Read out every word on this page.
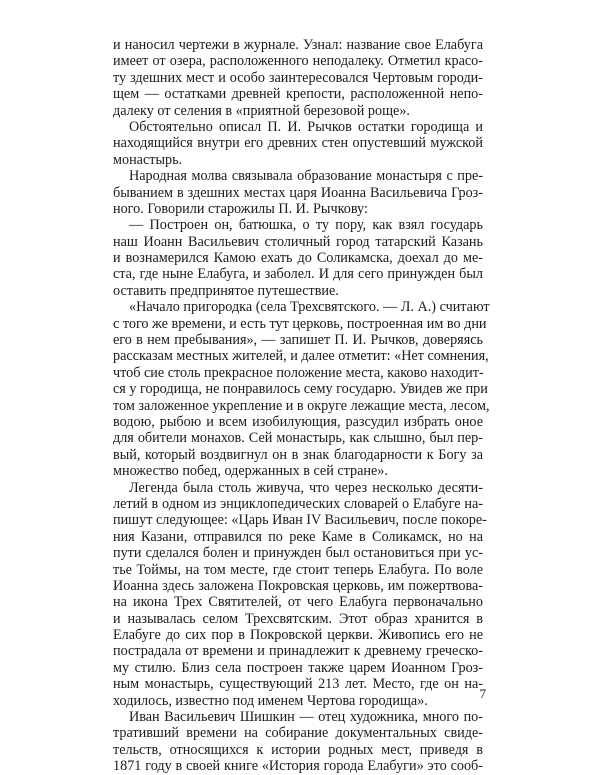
и наносил чертежи в журнале. Узнал: название свое Елабуга
имеет от озера, расположенного неподалеку. Отметил красо-
ту здешних мест и особо заинтересовался Чертовым городи-
щем — остатками древней крепости, расположенной непо-
далеку от селения в «приятной березовой роще».
Обстоятельно описал П. И. Рычков остатки городища и
находящийся внутри его древних стен опустевший мужской
монастырь.
Народная молва связывала образование монастыря с пре-
быванием в здешних местах царя Иоанна Васильевича Гроз-
ного. Говорили старожилы П. И. Рычкову:
— Построен он, батюшка, о ту пору, как взял государь
наш Иоанн Васильевич столичный город татарский Казань
и вознамерился Камою ехать до Соликамска, доехал до ме-
ста, где ныне Елабуга, и заболел. И для сего принужден был
оставить предпринятое путешествие.
«Начало пригородка (села Трехсвятского. — Л. А.) считают
с того же времени, и есть тут церковь, построенная им во дни
его в нем пребывания», — запишет П. И. Рычков, доверяясь
рассказам местных жителей, и далее отметит: «Нет сомнения,
чтоб сие столь прекрасное положение места, каково находит-
ся у городища, не понравилось сему государю. Увидев же при
том заложенное укрепление и в округе лежащие места, лесом,
водою, рыбою и всем изобилующия, разсудил избрать оное
для обители монахов. Сей монастырь, как слышно, был пер-
вый, который воздвигнул он в знак благодарности к Богу за
множество побед, одержанных в сей стране».
Легенда была столь живуча, что через несколько десяти-
летий в одном из энциклопедических словарей о Елабуге на-
пишут следующее: «Царь Иван IV Васильевич, после покоре-
ния Казани, отправился по реке Каме в Соликамск, но на
пути сделался болен и принужден был остановиться при ус-
тье Тоймы, на том месте, где стоит теперь Елабуга. По воле
Иоанна здесь заложена Покровская церковь, им пожертвова-
на икона Трех Святителей, от чего Елабуга первоначально
и называлась селом Трехсвятским. Этот образ хранится в
Елабуге до сих пор в Покровской церкви. Живопись его не
пострадала от времени и принадлежит к древнему греческо-
му стилю. Близ села построен также царем Иоанном Гроз-
ным монастырь, существующий 213 лет. Место, где он на-
ходилось, известно под именем Чертова городища».
Иван Васильевич Шишкин — отец художника, много по-
тративший времени на собирание документальных свиде-
тельств, относящихся к истории родных мест, приведя в
1871 году в своей книге «История города Елабуги» это сооб-
7
